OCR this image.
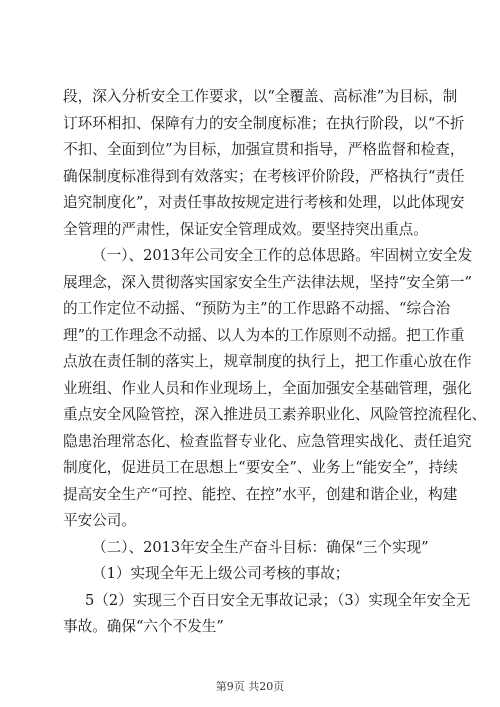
段，深入分析安全工作要求，以“全覆盖、高标准”为目标，制
订环环相扣、保障有力的安全制度标准；在执行阶段，以“不折
不扣、全面到位”为目标，加强宣贯和指导，严格监督和检查，
确保制度标准得到有效落实；在考核评价阶段，严格执行“责任
追究制度化”，对责任事故按规定进行考核和处理，以此体现安
全管理的严肃性，保证安全管理成效。要坚持突出重点。
（一）、2013年公司安全工作的总体思路。牢固树立安全发
展理念，深入贯彻落实国家安全生产法律法规，坚持“安全第一”
的工作定位不动摇、“预防为主”的工作思路不动摇、“综合治
理”的工作理念不动摇、以人为本的工作原则不动摇。把工作重
点放在责任制的落实上，规章制度的执行上，把工作重心放在作
业班组、作业人员和作业现场上，全面加强安全基础管理，强化
重点安全风险管控，深入推进员工素养职业化、风险管控流程化、
隐患治理常态化、检查监督专业化、应急管理实战化、责任追究
制度化，促进员工在思想上“要安全”、业务上“能安全”，持续
提高安全生产“可控、能控、在控”水平，创建和谐企业，构建
平安公司。
（二）、2013年安全生产奋斗目标：确保“三个实现”
（1）实现全年无上级公司考核的事故；
5（2）实现三个百日安全无事故记录；（3）实现全年安全无
事故。确保“六个不发生”
第9页 共20页
